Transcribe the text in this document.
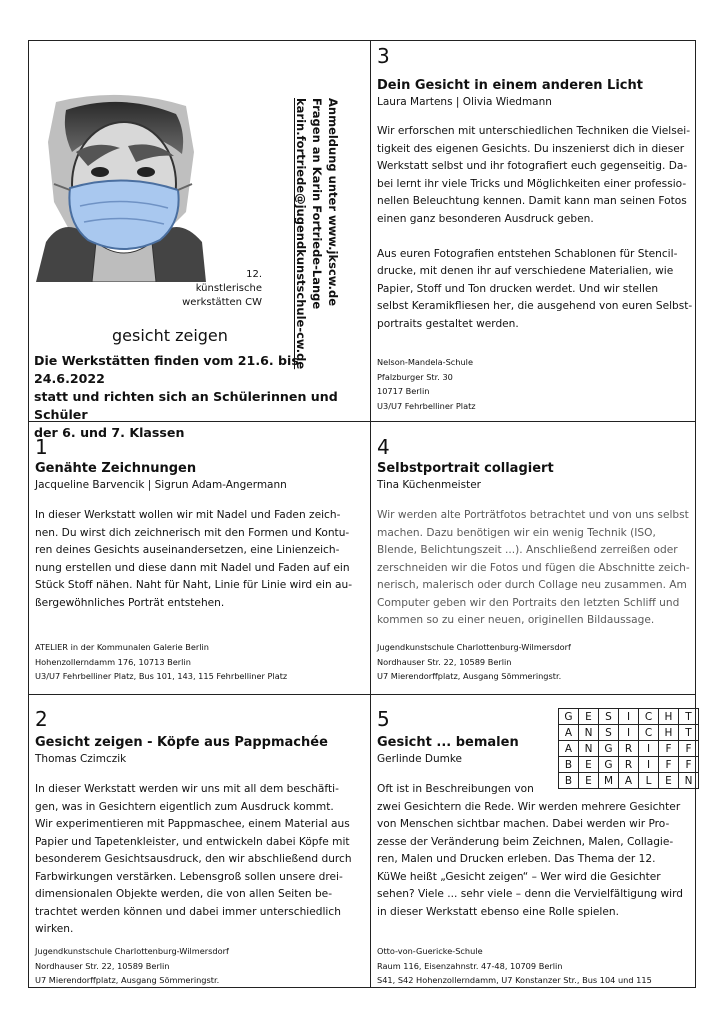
Anmeldung unter www.jkscw.de
Fragen an Karin Fortriede-Lange
karin.fortriede@jugendkunstschule-cw.de
12.
künstlerische
werkstätten CW
gesicht zeigen
Die Werkstätten finden vom 21.6. bis 24.6.2022
statt und richten sich an Schülerinnen und Schüler
der 6. und 7. Klassen

3

Dein Gesicht in einem anderen Licht

Laura Martens | Olivia Wiedmann

Wir erforschen mit unterschiedlichen Techniken die Vielsei-
tigkeit des eigenen Gesichts. Du inszenierst dich in dieser
Werkstatt selbst und ihr fotografiert euch gegenseitig. Da-
bei lernt ihr viele Tricks und Möglichkeiten einer professio-
nellen Beleuchtung kennen. Damit kann man seinen Fotos
einen ganz besonderen Ausdruck geben.
Aus euren Fotografien entstehen Schablonen für Stencil-
drucke, mit denen ihr auf verschiedene Materialien, wie
Papier, Stoff und Ton drucken werdet. Und wir stellen
selbst Keramikfliesen her, die ausgehend von euren Selbst-
portraits gestaltet werden.
Nelson-Mandela-Schule
Pfalzburger Str. 30
10717 Berlin
U3/U7 Fehrbelliner Platz

1

Genähte Zeichnungen

Jacqueline Barvencik | Sigrun Adam-Angermann

In dieser Werkstatt wollen wir mit Nadel und Faden zeich-
nen. Du wirst dich zeichnerisch mit den Formen und Kontu-
ren deines Gesichts auseinandersetzen, eine Linienzeich-
nung erstellen und diese dann mit Nadel und Faden auf ein
Stück Stoff nähen. Naht für Naht, Linie für Linie wird ein au-
ßergewöhnliches Porträt entstehen.
ATELIER in der Kommunalen Galerie Berlin
Hohenzollerndamm 176, 10713 Berlin
U3/U7 Fehrbelliner Platz, Bus 101, 143, 115 Fehrbelliner Platz

4

Selbstportrait collagiert

Tina Küchenmeister

Wir werden alte Porträtfotos betrachtet und von uns selbst
machen. Dazu benötigen wir ein wenig Technik (ISO,
Blende, Belichtungszeit ...). Anschließend zerreißen oder
zerschneiden wir die Fotos und fügen die Abschnitte zeich-
nerisch, malerisch oder durch Collage neu zusammen. Am
Computer geben wir den Portraits den letzten Schliff und
kommen so zu einer neuen, originellen Bildaussage.
Jugendkunstschule Charlottenburg-Wilmersdorf
Nordhauser Str. 22, 10589 Berlin
U7 Mierendorffplatz, Ausgang Sömmeringstr.

2

Gesicht zeigen - Köpfe aus Pappmachée

Thomas Czimczik

In dieser Werkstatt werden wir uns mit all dem beschäfti-
gen, was in Gesichtern eigentlich zum Ausdruck kommt.
Wir experimentieren mit Pappmaschee, einem Material aus
Papier und Tapetenkleister, und entwickeln dabei Köpfe mit
besonderem Gesichtsausdruck, den wir abschließend durch
Farbwirkungen verstärken. Lebensgroß sollen unsere drei-
dimensionalen Objekte werden, die von allen Seiten be-
trachtet werden können und dabei immer unterschiedlich
wirken.
Jugendkunstschule Charlottenburg-Wilmersdorf
Nordhauser Str. 22, 10589 Berlin
U7 Mierendorffplatz, Ausgang Sömmeringstr.

5

Gesicht ... bemalen

Gerlinde Dumke

Oft ist in Beschreibungen von
zwei Gesichtern die Rede. Wir werden mehrere Gesichter
von Menschen sichtbar machen. Dabei werden wir Pro-
zesse der Veränderung beim Zeichnen, Malen, Collagie-
ren, Malen und Drucken erleben. Das Thema der 12.
KüWe heißt „Gesicht zeigen“ – Wer wird die Gesichter
sehen? Viele ... sehr viele – denn die Vervielfältigung wird
in dieser Werkstatt ebenso eine Rolle spielen.
Otto-von-Guericke-Schule
Raum 116, Eisenzahnstr. 47-48, 10709 Berlin
S41, S42 Hohenzollerndamm, U7 Konstanzer Str., Bus 104 und 115
G	E	S	I	C	H	T
A	N	S	I	C	H	T
A	N	G	R	I	F	F
B	E	G	R	I	F	F
B	E	M	A	L	E	N
